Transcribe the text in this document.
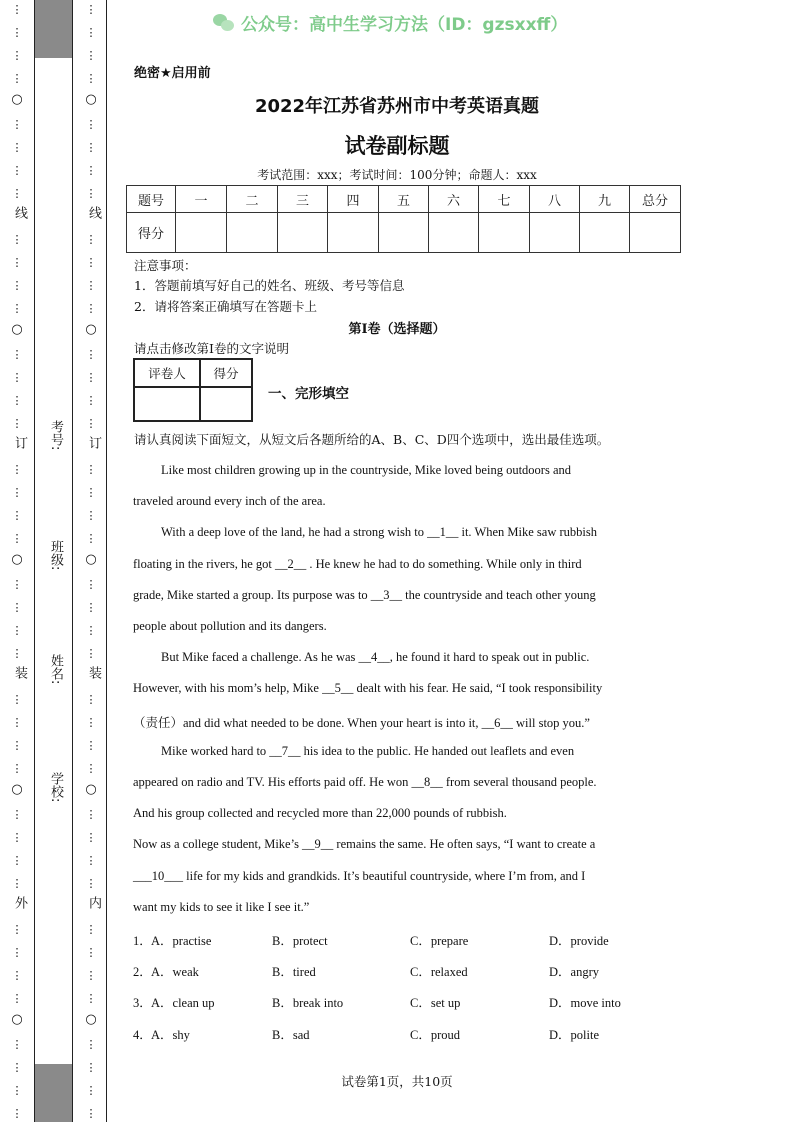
⋮
⋮
⋮
⋮
⋮
⋮
⋮
⋮
⋮
⋮
⋮
⋮
⋮
⋮
⋮
⋮
⋮
⋮
⋮
⋮
⋮
⋮
⋮
⋮
⋮
⋮
⋮
⋮
⋮
⋮
⋮
⋮
⋮
⋮
⋮
⋮
⋮
⋮
⋮
⋮
○
○
○
○
○
⋮
⋮
⋮
⋮
⋮
⋮
⋮
⋮
⋮
⋮
⋮
⋮
⋮
⋮
⋮
⋮
⋮
⋮
⋮
⋮
⋮
⋮
⋮
⋮
⋮
⋮
⋮
⋮
⋮
⋮
⋮
⋮
⋮
⋮
⋮
⋮
⋮
⋮
⋮
⋮
○
○
○
○
○
线
订
装
外
线
订
装
内
考号:
班级:
姓名:
学校:
公众号：高中生学习方法（ID：gzsxxff）
绝密★启用前
2022年江苏省苏州市中考英语真题
试卷副标题
考试范围：xxx；考试时间：100分钟；命题人：xxx
题号	一	二	三	四	五	六	七	八	九	总分
得分										
注意事项：
1．答题前填写好自己的姓名、班级、考号等信息
2．请将答案正确填写在答题卡上
第I卷（选择题）
请点击修改第I卷的文字说明
评卷人	得分

一、完形填空
请认真阅读下面短文，从短文后各题所给的A、B、C、D四个选项中，选出最佳选项。
Like most children growing up in the countryside, Mike loved being outdoors and
traveled around every inch of the area.
With a deep love of the land, he had a strong wish to __1__ it. When Mike saw rubbish
floating in the rivers, he got __2__ . He knew he had to do something. While only in third
grade, Mike started a group. Its purpose was to __3__ the countryside and teach other young
people about pollution and its dangers.
But Mike faced a challenge. As he was __4__, he found it hard to speak out in public.
However, with his mom’s help, Mike __5__ dealt with his fear. He said, “I took responsibility
（责任）and did what needed to be done. When your heart is into it, __6__ will stop you.”
Mike worked hard to __7__ his idea to the public. He handed out leaflets and even
appeared on radio and TV. His efforts paid off. He won __8__ from several thousand people.
And his group collected and recycled more than 22,000 pounds of rubbish.
Now as a college student, Mike’s __9__ remains the same. He often says, “I want to create a
___10___ life for my kids and grandkids. It’s beautiful countryside, where I’m from, and I
want my kids to see it like I see it.”
1． A．practise	B．protect	C．prepare	D．provide
2． A．weak	B．tired	C．relaxed	D．angry
3． A．clean up	B．break into	C．set up	D．move into
4． A．shy	B．sad	C．proud	D．polite
试卷第1页，共10页
